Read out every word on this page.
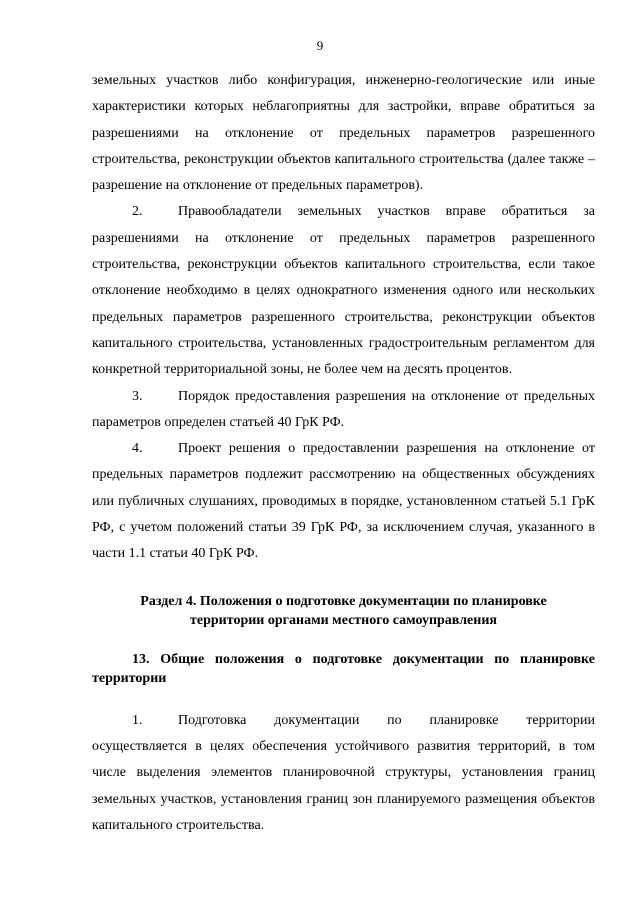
9

земельных участков либо конфигурация, инженерно-геологические или иные характеристики которых неблагоприятны для застройки, вправе обратиться за разрешениями на отклонение от предельных параметров разрешенного строительства, реконструкции объектов капитального строительства (далее также – разрешение на отклонение от предельных параметров).

2.	Правообладатели земельных участков вправе обратиться за разрешениями на отклонение от предельных параметров разрешенного строительства, реконструкции объектов капитального строительства, если такое отклонение необходимо в целях однократного изменения одного или нескольких предельных параметров разрешенного строительства, реконструкции объектов капитального строительства, установленных градостроительным регламентом для конкретной территориальной зоны, не более чем на десять процентов.

3.	Порядок предоставления разрешения на отклонение от предельных параметров определен статьей 40 ГрК РФ.

4.	Проект решения о предоставлении разрешения на отклонение от предельных параметров подлежит рассмотрению на общественных обсуждениях или публичных слушаниях, проводимых в порядке, установленном статьей 5.1 ГрК РФ, с учетом положений статьи 39 ГрК РФ, за исключением случая, указанного в части 1.1 статьи 40 ГрК РФ.

Раздел 4. Положения о подготовке документации по планировке
территории органами местного самоуправления
13. Общие положения о подготовке документации по планировке территории

1.	Подготовка документации по планировке территории осуществляется в целях обеспечения устойчивого развития территорий, в том числе выделения элементов планировочной структуры, установления границ земельных участков, установления границ зон планируемого размещения объектов капитального строительства.
